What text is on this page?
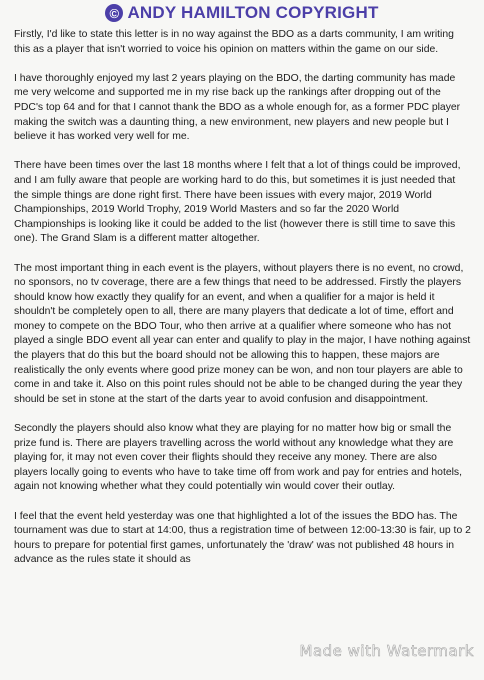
© ANDY HAMILTON COPYRIGHT

Firstly, I'd like to state this letter is in no way against the BDO as a darts community, I am writing this as a player that isn't worried to voice his opinion on matters within the game on our side.

I have thoroughly enjoyed my last 2 years playing on the BDO, the darting community has made me very welcome and supported me in my rise back up the rankings after dropping out of the PDC's top 64 and for that I cannot thank the BDO as a whole enough for, as a former PDC player making the switch was a daunting thing, a new environment, new players and new people but I believe it has worked very well for me.

There have been times over the last 18 months where I felt that a lot of things could be improved, and I am fully aware that people are working hard to do this, but sometimes it is just needed that the simple things are done right first. There have been issues with every major, 2019 World Championships, 2019 World Trophy, 2019 World Masters and so far the 2020 World Championships is looking like it could be added to the list (however there is still time to save this one). The Grand Slam is a different matter altogether.

The most important thing in each event is the players, without players there is no event, no crowd, no sponsors, no tv coverage, there are a few things that need to be addressed. Firstly the players should know how exactly they qualify for an event, and when a qualifier for a major is held it shouldn't be completely open to all, there are many players that dedicate a lot of time, effort and money to compete on the BDO Tour, who then arrive at a qualifier where someone who has not played a single BDO event all year can enter and qualify to play in the major, I have nothing against the players that do this but the board should not be allowing this to happen, these majors are realistically the only events where good prize money can be won, and non tour players are able to come in and take it. Also on this point rules should not be able to be changed during the year they should be set in stone at the start of the darts year to avoid confusion and disappointment.

Secondly the players should also know what they are playing for no matter how big or small the prize fund is. There are players travelling across the world without any knowledge what they are playing for, it may not even cover their flights should they receive any money. There are also players locally going to events who have to take time off from work and pay for entries and hotels, again not knowing whether what they could potentially win would cover their outlay.

I feel that the event held yesterday was one that highlighted a lot of the issues the BDO has. The tournament was due to start at 14:00, thus a registration time of between 12:00-13:30 is fair, up to 2 hours to prepare for potential first games, unfortunately the 'draw' was not published 48 hours in advance as the rules state it should as

Made with Watermark
